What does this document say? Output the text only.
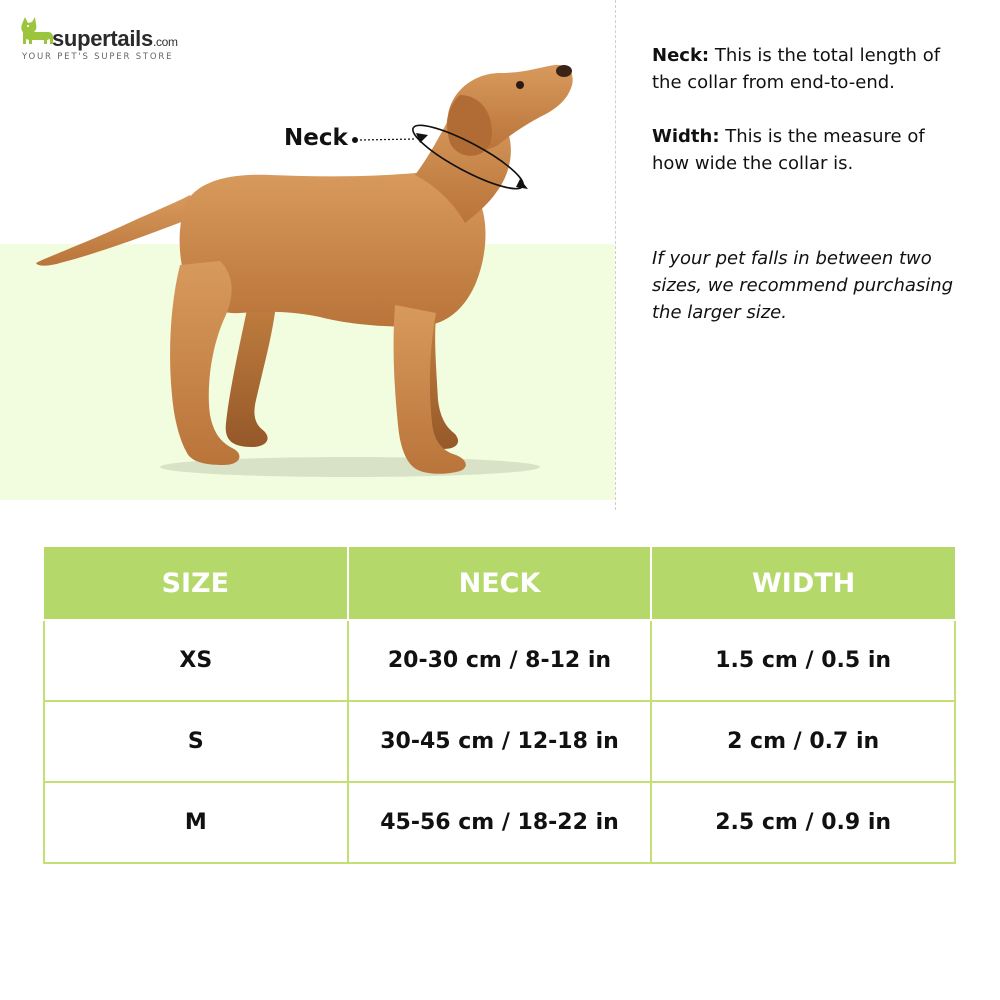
supertails.com
YOUR PET'S SUPER STORE
Neck

Neck: This is the total length of the collar from end-to-end.

Width: This is the measure of how wide the collar is.

If your pet falls in between two sizes, we recommend purchasing the larger size.

SIZE	NECK	WIDTH
XS	20-30 cm / 8-12 in	1.5 cm / 0.5 in
S	30-45 cm / 12-18 in	2 cm / 0.7 in
M	45-56 cm / 18-22 in	2.5 cm / 0.9 in
